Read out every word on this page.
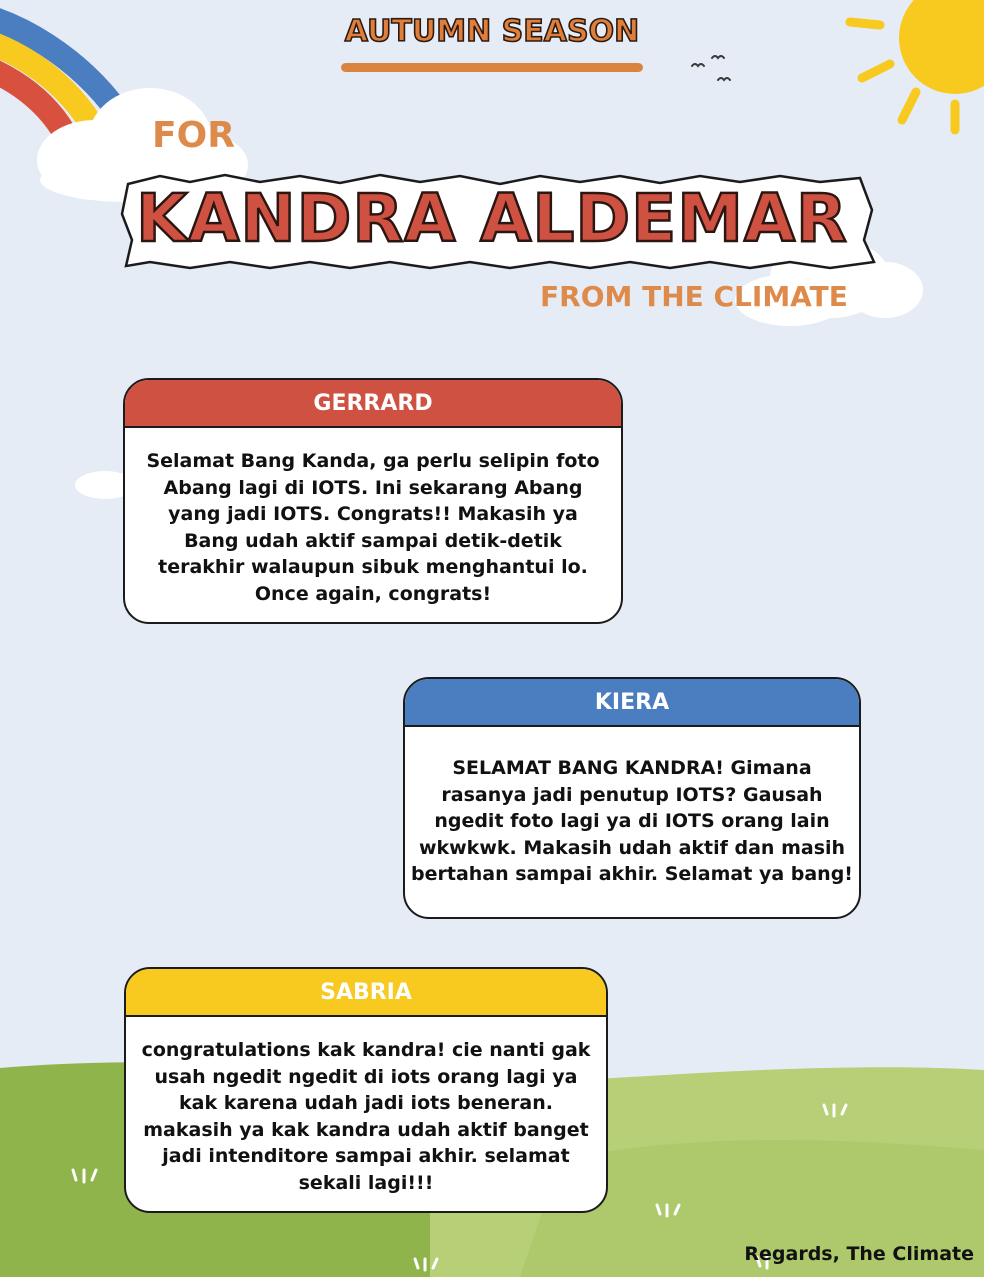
AUTUMN SEASON
FOR
KANDRA ALDEMAR
FROM THE CLIMATE
GERRARD
Selamat Bang Kanda, ga perlu selipin foto Abang lagi di IOTS. Ini sekarang Abang yang jadi IOTS. Congrats!! Makasih ya Bang udah aktif sampai detik-detik terakhir walaupun sibuk menghantui lo. Once again, congrats!
KIERA
SELAMAT BANG KANDRA! Gimana rasanya jadi penutup IOTS? Gausah ngedit foto lagi ya di IOTS orang lain wkwkwk. Makasih udah aktif dan masih bertahan sampai akhir. Selamat ya bang!
SABRIA
congratulations kak kandra! cie nanti gak usah ngedit ngedit di iots orang lagi ya kak karena udah jadi iots beneran. makasih ya kak kandra udah aktif banget jadi intenditore sampai akhir. selamat sekali lagi!!!
Regards, The Climate
